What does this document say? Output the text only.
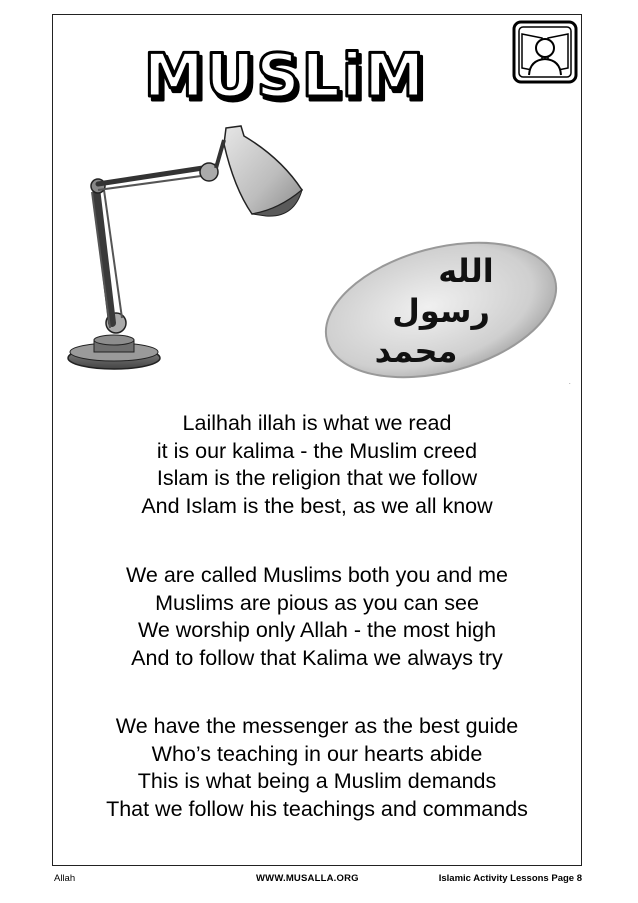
MUSLiM
الله
رسول
محمد
.
Lailhah illah is what we read
it is our kalima - the Muslim creed
Islam is the religion that we follow
And Islam is the best, as we all know
We are called Muslims both you and me
Muslims are pious as you can see
We worship only Allah - the most high
And to follow that Kalima we always try
We have the messenger as the best guide
Who’s teaching in our hearts abide
This is what being a Muslim demands
That we follow his teachings and commands
Allah	WWW.MUSALLA.ORG	Islamic Activity Lessons Page 8
